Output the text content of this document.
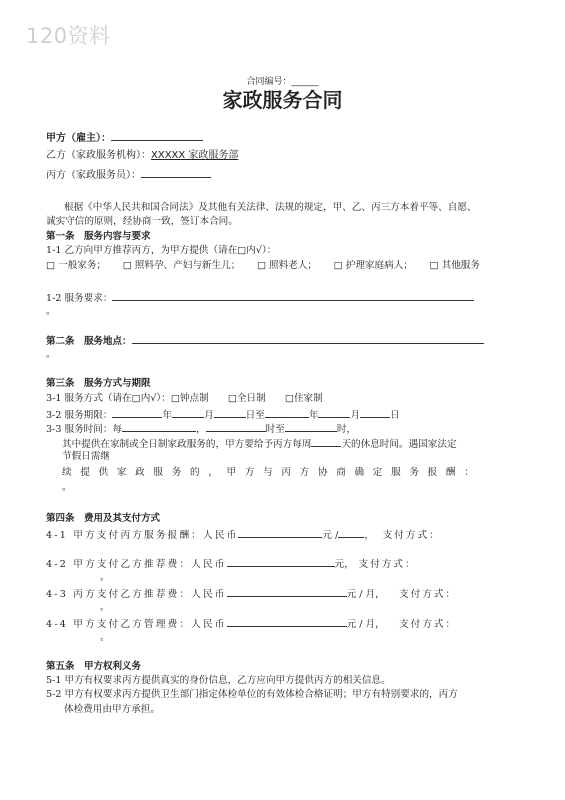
120资料
合同编号：______
家政服务合同
甲方（雇主）：
乙方（家政服务机构）：XXXXX 家政服务部
丙方（家政服务员）：
根据《中华人民共和国合同法》及其他有关法律、法规的规定，甲、乙、丙三方本着平等、自愿、
诚实守信的原则，经协商一致，签订本合同。
第一条　服务内容与要求
1-1 乙方向甲方推荐丙方，为甲方提供（请在□内√）：
□ 一般家务； □ 照料孕、产妇与新生儿； □ 照料老人； □ 护理家庭病人； □ 其他服务
1-2 服务要求：
。
第二条　服务地点：
。
第三条　服务方式与期限
3-1 服务方式（请在□内√）：□钟点制　　□全日制　　□住家制
3-2 服务期限：	年	月	日至	年	月	日
3-3 服务时间：每	，	时至	时，
其中提供在家制或全日制家政服务的，甲方要给予丙方每周	天的休息时间。遇国家法定
节假日需继
续 提 供 家 政 服 务 的 ， 甲 方 与 丙 方 协 商 确 定 服 务 报 酬 ：
。
第四条　费用及其支付方式
4-1 甲方支付丙方服务报酬：人民币	元 /	，　支付方式：
4-2 甲方支付乙方推荐费：人民币	元，　 支付方式：
。
4-3 丙方支付乙方推荐费：人民币	元 / 月，　　 支付方式：
。
4-4 甲方支付乙方管理费：人民币	元 / 月，　　 支付方式：
。
第五条　甲方权利义务
5-1 甲方有权要求丙方提供真实的身份信息，乙方应向甲方提供丙方的相关信息。
5-2 甲方有权要求丙方提供卫生部门指定体检单位的有效体检合格证明；甲方有特别要求的，丙方
体检费用由甲方承担。
